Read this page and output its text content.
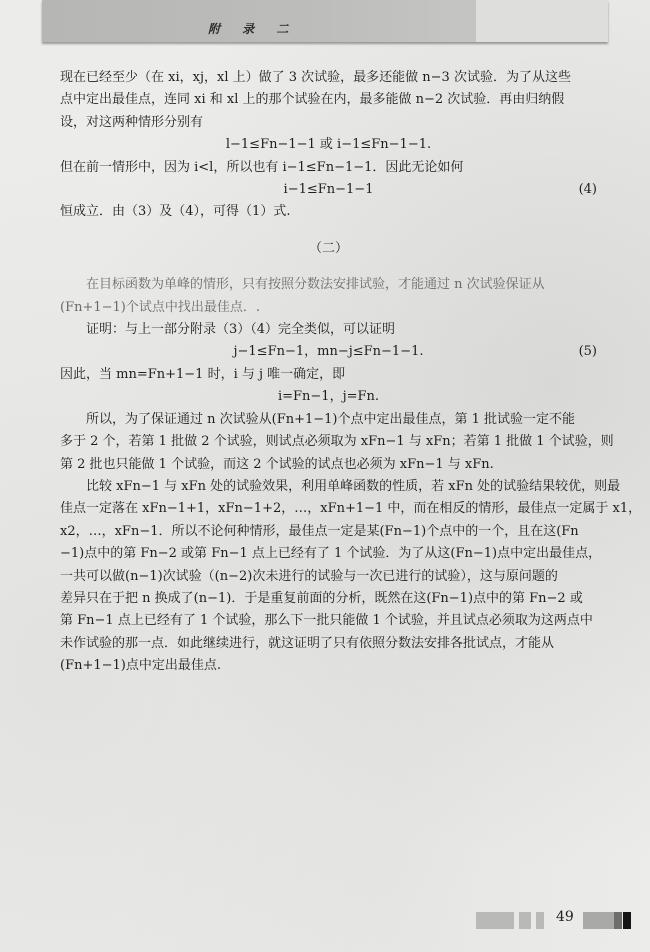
附 录 二

现在已经至少（在 xi，xj，xl 上）做了 3 次试验，最多还能做 n−3 次试验．为了从这些

点中定出最佳点，连同 xi 和 xl 上的那个试验在内，最多能做 n−2 次试验．再由归纳假

设，对这两种情形分别有

l−1≤Fn−1−1 或 i−1≤Fn−1−1.

但在前一情形中，因为 i<l，所以也有 i−1≤Fn−1−1．因此无论如何

i−1≤Fn−1−1	(4)

恒成立．由（3）及（4），可得（1）式.

（二）

在目标函数为单峰的情形，只有按照分数法安排试验，才能通过 n 次试验保证从

(Fn+1−1)个试点中找出最佳点．.

证明：与上一部分附录（3）（4）完全类似，可以证明

j−1≤Fn−1，mn−j≤Fn−1−1.	(5)

因此，当 mn=Fn+1−1 时，i 与 j 唯一确定，即

i=Fn−1，j=Fn.

所以，为了保证通过 n 次试验从(Fn+1−1)个点中定出最佳点，第 1 批试验一定不能

多于 2 个，若第 1 批做 2 个试验，则试点必须取为 xFn−1 与 xFn；若第 1 批做 1 个试验，则

第 2 批也只能做 1 个试验，而这 2 个试验的试点也必须为 xFn−1 与 xFn.

比较 xFn−1 与 xFn 处的试验效果，利用单峰函数的性质，若 xFn 处的试验结果较优，则最

佳点一定落在 xFn−1+1，xFn−1+2，…，xFn+1−1 中，而在相反的情形，最佳点一定属于 x1，

x2，…，xFn−1．所以不论何种情形，最佳点一定是某(Fn−1)个点中的一个，且在这(Fn

−1)点中的第 Fn−2 或第 Fn−1 点上已经有了 1 个试验．为了从这(Fn−1)点中定出最佳点，

一共可以做(n−1)次试验（(n−2)次未进行的试验与一次已进行的试验），这与原问题的

差异只在于把 n 换成了(n−1)．于是重复前面的分析，既然在这(Fn−1)点中的第 Fn−2 或

第 Fn−1 点上已经有了 1 个试验，那么下一批只能做 1 个试验，并且试点必须取为这两点中

未作试验的那一点．如此继续进行，就这证明了只有依照分数法安排各批试点，才能从

(Fn+1−1)点中定出最佳点.

49
